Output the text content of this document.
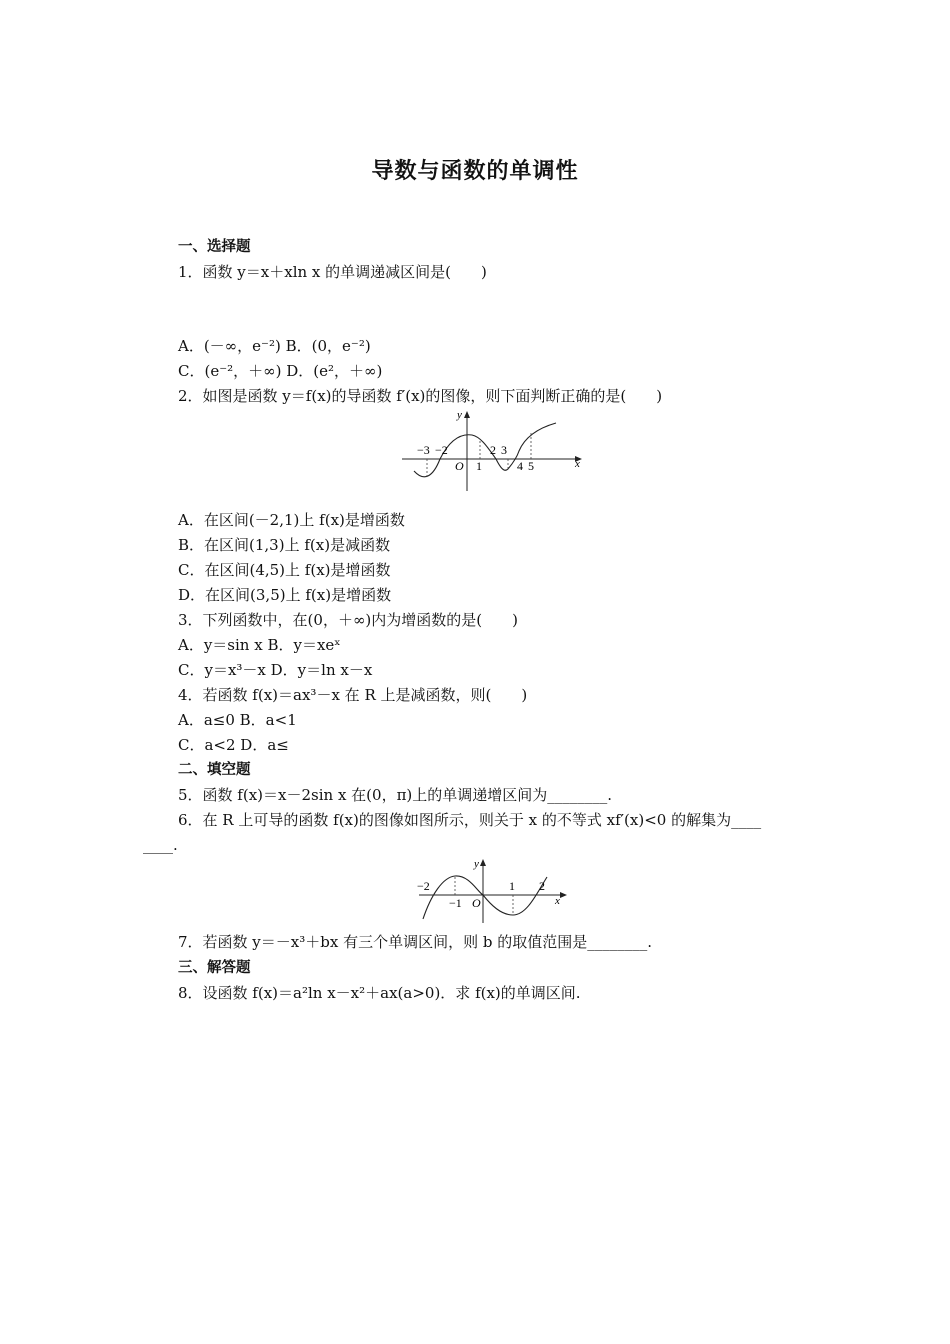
导数与函数的单调性
一、选择题
1．函数 y＝x＋xln x 的单调递减区间是(　　)
A．(－∞，e⁻²) B．(0，e⁻²)
C．(e⁻²，＋∞) D．(e²，＋∞)
2．如图是函数 y＝f(x)的导函数 f′(x)的图像，则下面判断正确的是(　　)
−3 −2
O 1
2 3
4 5	x
y
A．在区间(－2,1)上 f(x)是增函数
B．在区间(1,3)上 f(x)是减函数
C．在区间(4,5)上 f(x)是增函数
D．在区间(3,5)上 f(x)是增函数
3．下列函数中，在(0，＋∞)内为增函数的是(　　)
A．y＝sin x B．y＝xeˣ
C．y＝x³－x D．y＝ln x－x
4．若函数 f(x)＝ax³－x 在 R 上是减函数，则(　　)
A．a≤0 B．a<1
C．a<2 D．a≤
二、填空题
5．函数 f(x)＝x－2sin x 在(0，π)上的单调递增区间为________.
6．在 R 上可导的函数 f(x)的图像如图所示，则关于 x 的不等式 xf′(x)<0 的解集为____
____.
−2
−1 O
1 2
x
y
7．若函数 y＝－x³＋bx 有三个单调区间，则 b 的取值范围是________.
三、解答题
8．设函数 f(x)＝a²ln x－x²＋ax(a>0)．求 f(x)的单调区间.
